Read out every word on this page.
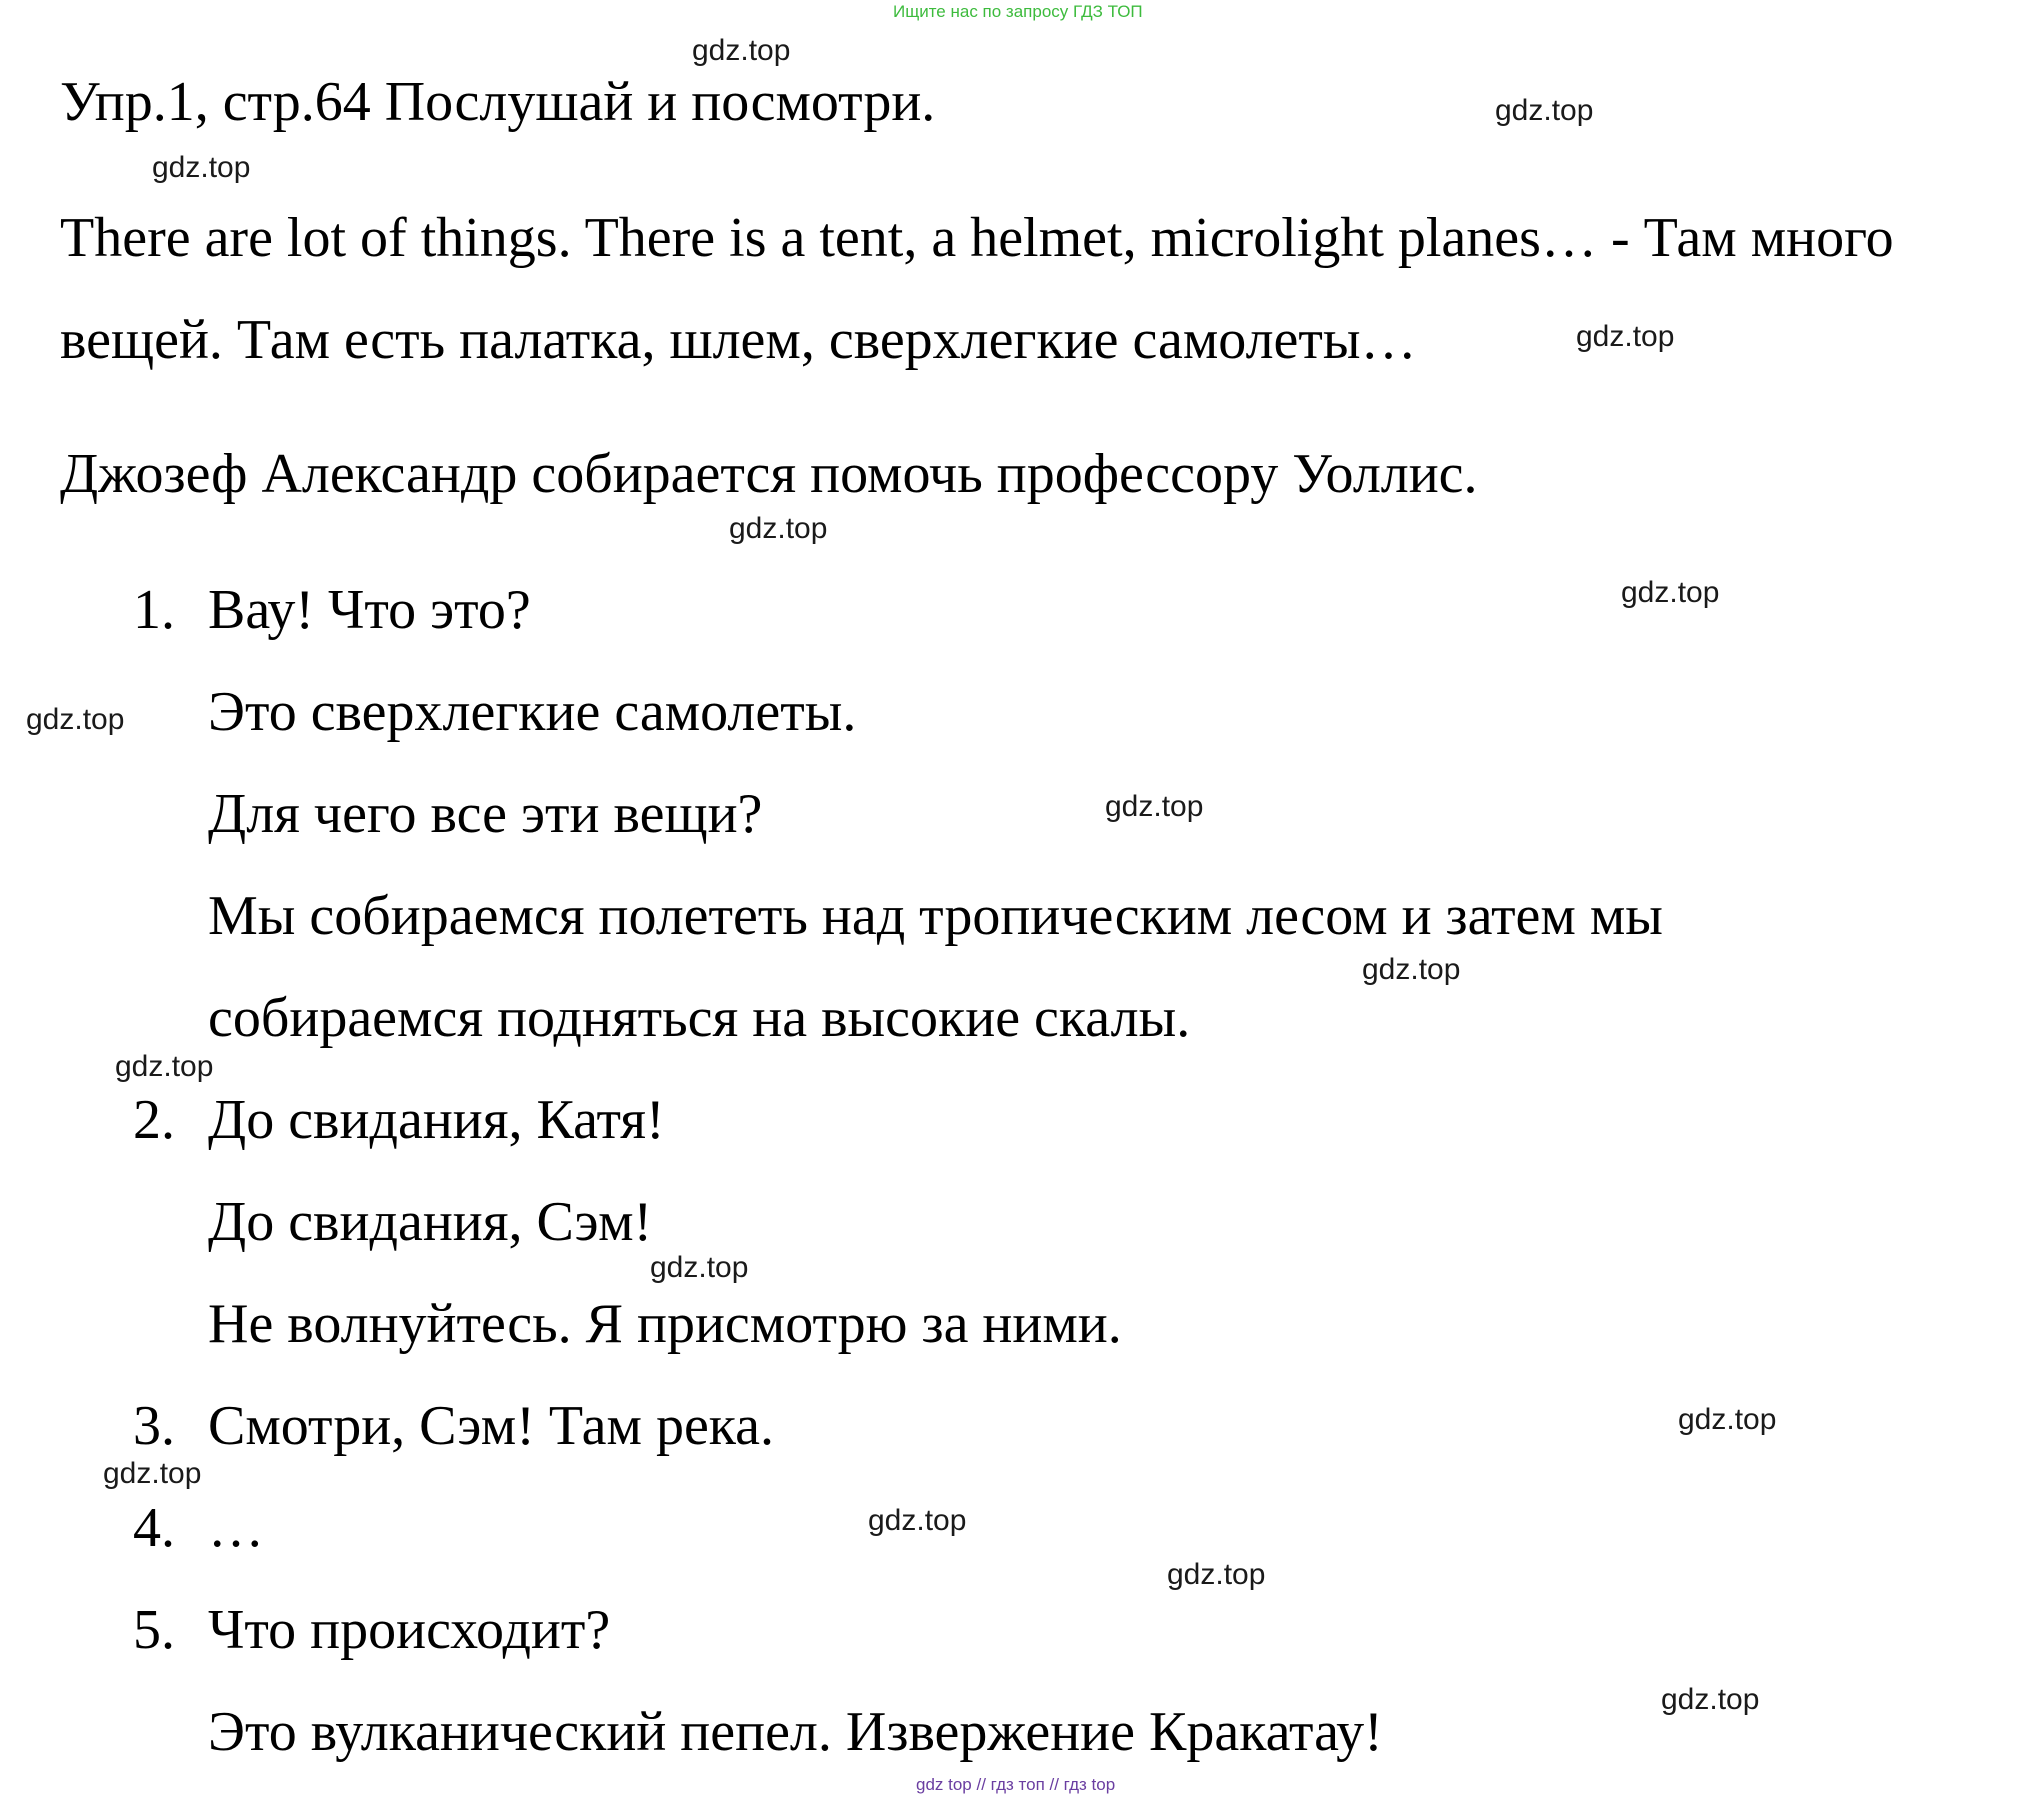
Ищите нас по запросу ГДЗ ТОП
Упр.1, стр.64 Послушай и посмотри.
There are lot of things. There is a tent, a helmet, microlight planes… - Там много
вещей. Там есть палатка, шлем, сверхлегкие самолеты…
Джозеф Александр собирается помочь профессору Уоллис.
1. Вау! Что это?
Это сверхлегкие самолеты.
Для чего все эти вещи?
Мы собираемся полететь над тропическим лесом и затем мы
собираемся подняться на высокие скалы.
2. До свидания, Катя!
До свидания, Сэм!
Не волнуйтесь. Я присмотрю за ними.
3. Смотри, Сэм! Там река.
4. …
5. Что происходит?
Это вулканический пепел. Извержение Кракатау!
gdz.top
gdz.top
gdz.top
gdz.top
gdz.top
gdz.top
gdz.top
gdz.top
gdz.top
gdz.top
gdz.top
gdz.top
gdz.top
gdz.top
gdz.top
gdz.top
gdz top // гдз топ // гдз top
